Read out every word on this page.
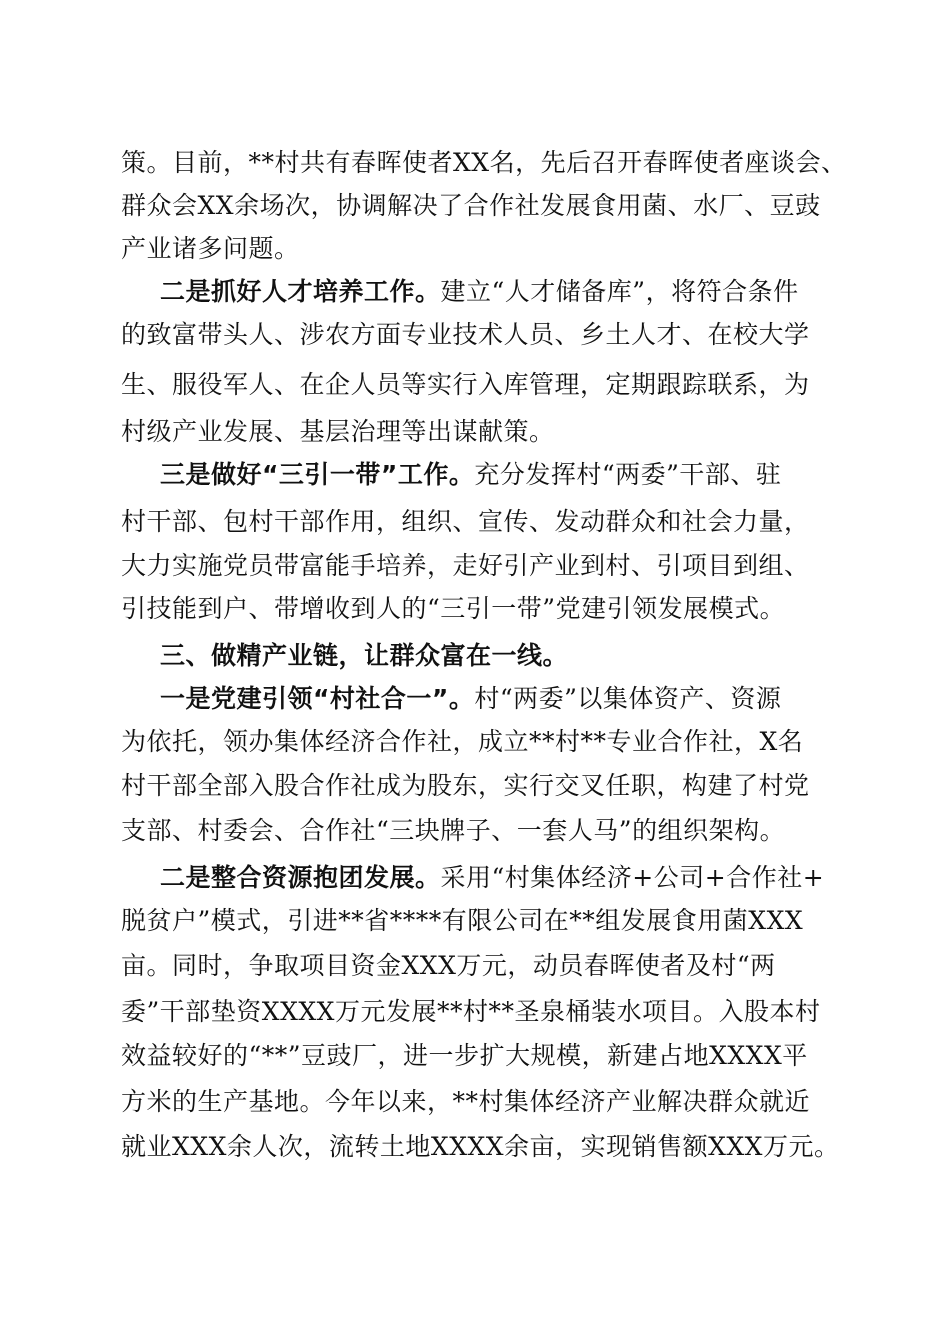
策。目前，**村共有春晖使者XX名，先后召开春晖使者座谈会、
群众会XX余场次，协调解决了合作社发展食用菌、水厂、豆豉
产业诸多问题。
二是抓好人才培养工作。建立“人才储备库”，将符合条件
的致富带头人、涉农方面专业技术人员、乡土人才、在校大学
生、服役军人、在企人员等实行入库管理，定期跟踪联系，为
村级产业发展、基层治理等出谋献策。
三是做好“三引一带”工作。充分发挥村“两委”干部、驻
村干部、包村干部作用，组织、宣传、发动群众和社会力量，
大力实施党员带富能手培养，走好引产业到村、引项目到组、
引技能到户、带增收到人的“三引一带”党建引领发展模式。
三、做精产业链，让群众富在一线。
一是党建引领“村社合一”。村“两委”以集体资产、资源
为依托，领办集体经济合作社，成立**村**专业合作社，X名
村干部全部入股合作社成为股东，实行交叉任职，构建了村党
支部、村委会、合作社“三块牌子、一套人马”的组织架构。
二是整合资源抱团发展。采用“村集体经济+公司+合作社+
脱贫户”模式，引进**省****有限公司在**组发展食用菌XXX
亩。同时，争取项目资金XXX万元，动员春晖使者及村“两
委”干部垫资XXXX万元发展**村**圣泉桶装水项目。入股本村
效益较好的“**”豆豉厂，进一步扩大规模，新建占地XXXX平
方米的生产基地。今年以来，**村集体经济产业解决群众就近
就业XXX余人次，流转土地XXXX余亩，实现销售额XXX万元。
